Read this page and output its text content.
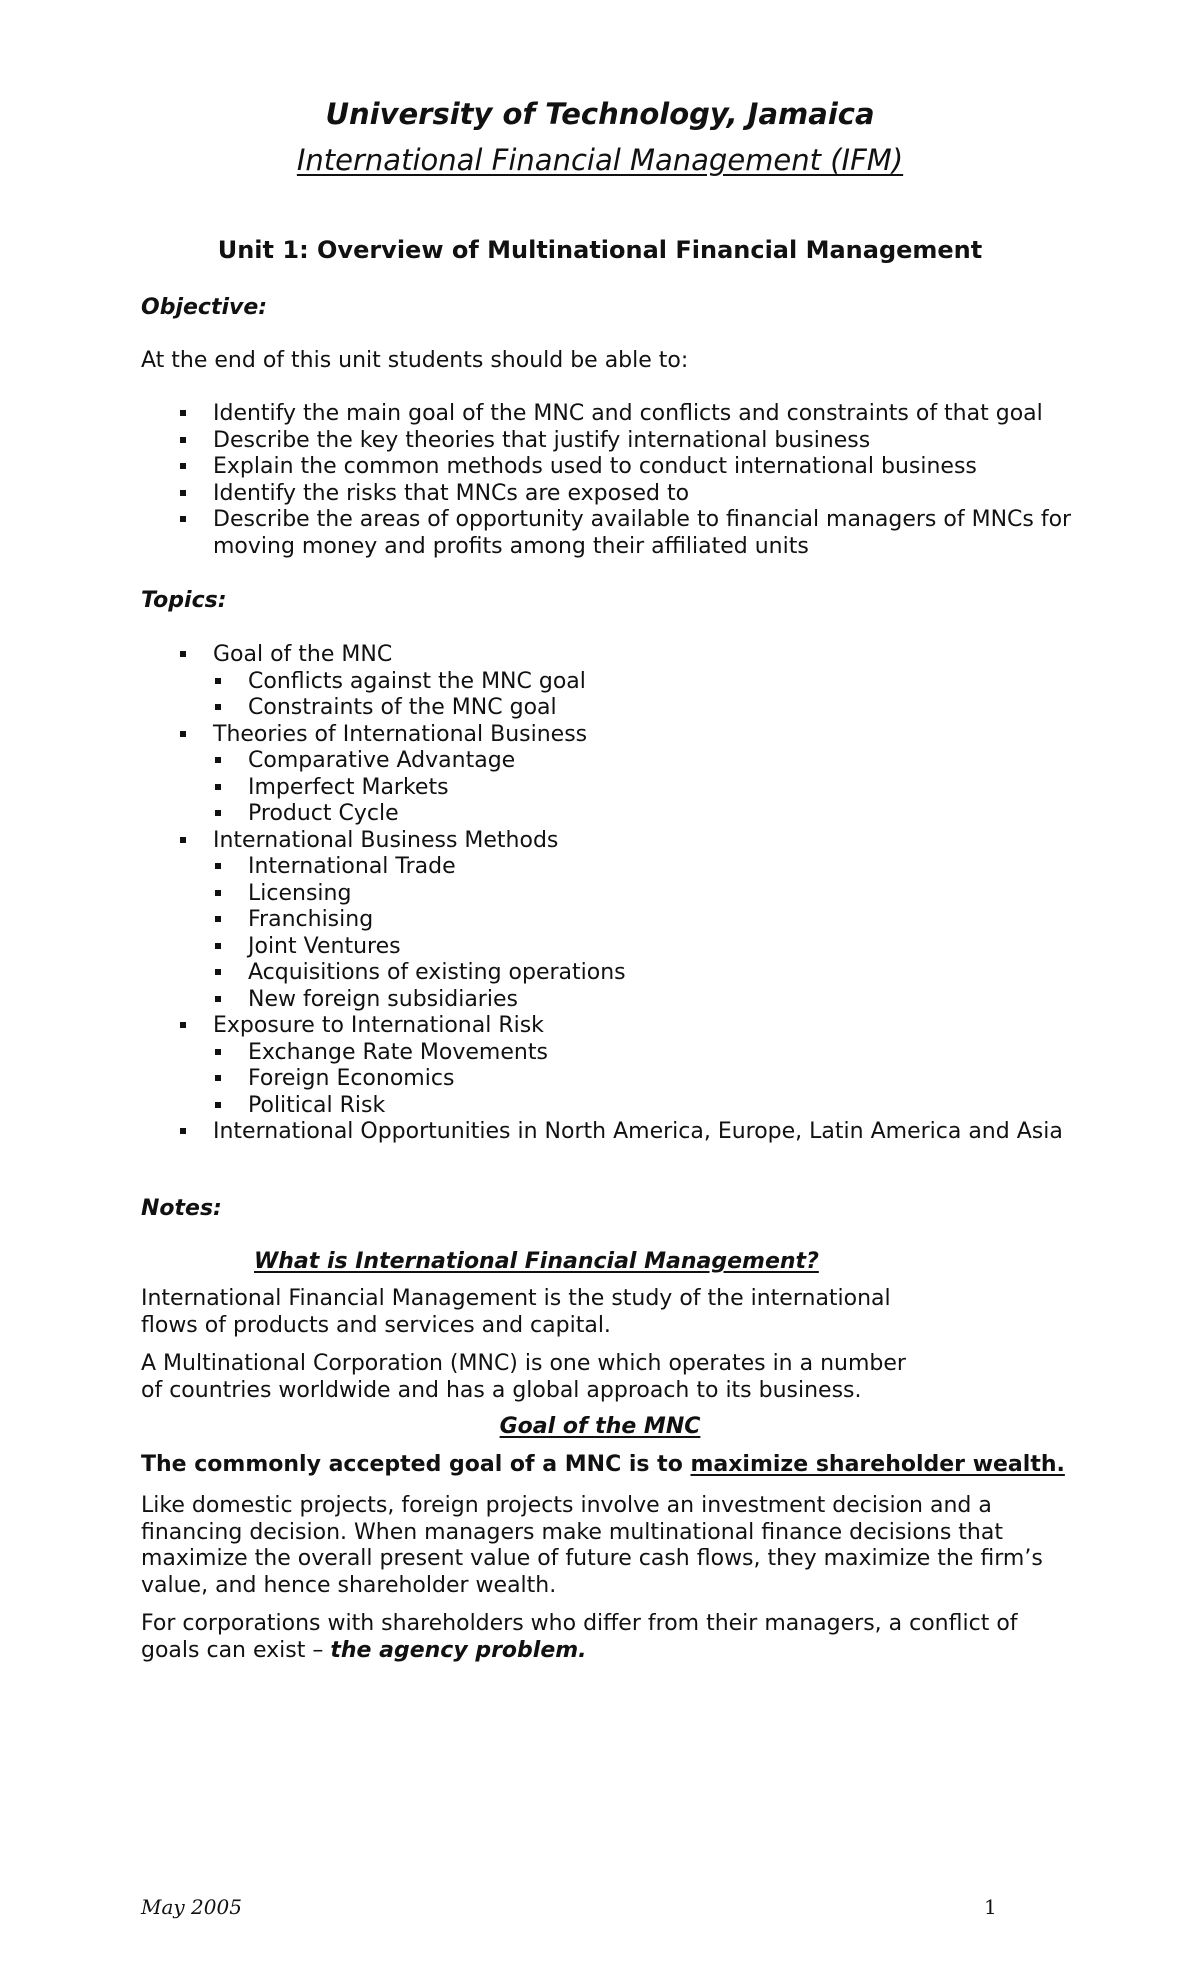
University of Technology, Jamaica
International Financial Management (IFM)
Unit 1: Overview of Multinational Financial Management
Objective:
At the end of this unit students should be able to:
Identify the main goal of the MNC and conflicts and constraints of that goal
Describe the key theories that justify international business
Explain the common methods used to conduct international business
Identify the risks that MNCs are exposed to
Describe the areas of opportunity available to financial managers of MNCs for moving money and profits among their affiliated units
Topics:
Goal of the MNC
Conflicts against the MNC goal
Constraints of the MNC goal
Theories of International Business
Comparative Advantage
Imperfect Markets
Product Cycle
International Business Methods
International Trade
Licensing
Franchising
Joint Ventures
Acquisitions of existing operations
New foreign subsidiaries
Exposure to International Risk
Exchange Rate Movements
Foreign Economics
Political Risk
International Opportunities in North America, Europe, Latin America and Asia
Notes:
What is International Financial Management?
International Financial Management is the study of the international
flows of products and services and capital.
A Multinational Corporation (MNC) is one which operates in a number
of countries worldwide and has a global approach to its business.
Goal of the MNC
The commonly accepted goal of a MNC is to maximize shareholder wealth.
Like domestic projects, foreign projects involve an investment decision and a
financing decision. When managers make multinational finance decisions that
maximize the overall present value of future cash flows, they maximize the firm’s
value, and hence shareholder wealth.
For corporations with shareholders who differ from their managers, a conflict of
goals can exist – the agency problem.
May 2005	1
